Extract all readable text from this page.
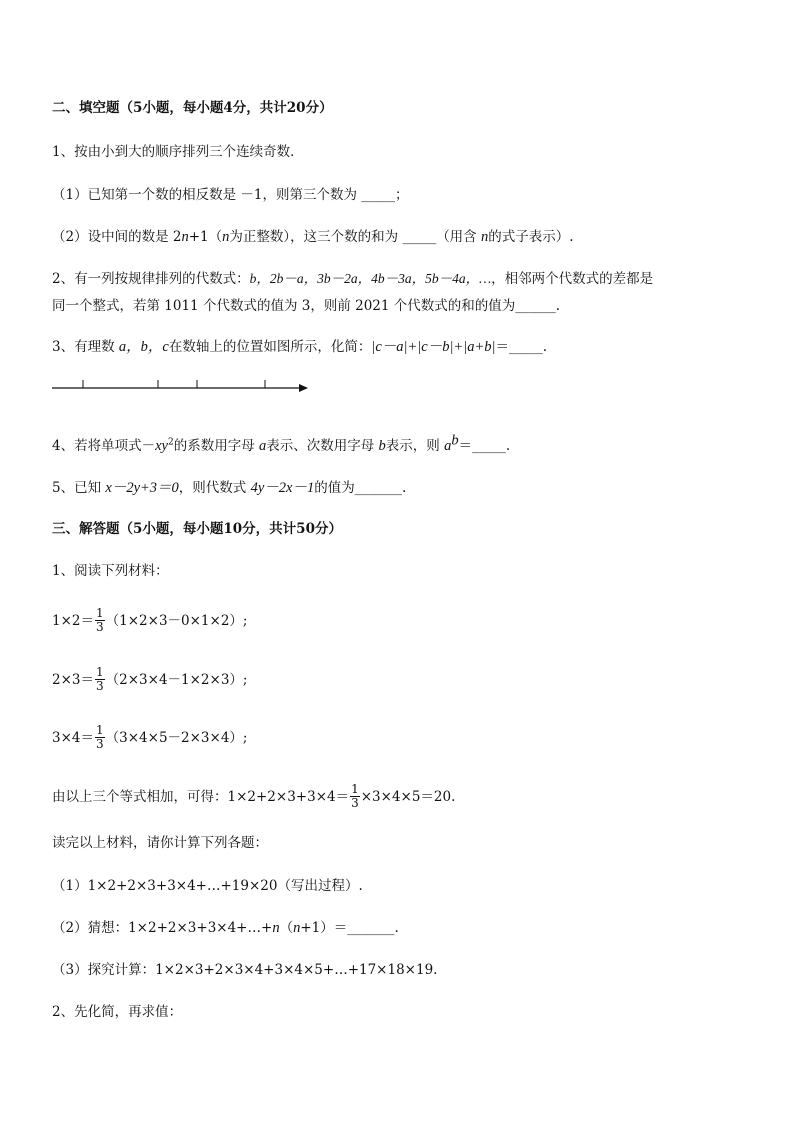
二、填空题（5小题，每小题4分，共计20分）
1、按由小到大的顺序排列三个连续奇数．
（1）已知第一个数的相反数是 －1，则第三个数为 _____；
（2）设中间的数是 2n+1（n为正整数），这三个数的和为 _____（用含 n的式子表示）.
2、有一列按规律排列的代数式：b，2b－a，3b－2a，4b－3a，5b－4a，…，相邻两个代数式的差都是
同一个整式，若第 1011 个代数式的值为 3，则前 2021 个代数式的和的值为______.
3、有理数 a，b，c在数轴上的位置如图所示，化简：|c－a|+|c－b|+|a+b|＝_____.
4、若将单项式$-xy^2$的系数用字母 a表示、次数用字母 b表示，则 $a^b=\_\_\_\_\_$.
5、已知 x－2y+3＝0，则代数式 4y－2x－1的值为_______.
三、解答题（5小题，每小题10分，共计50分）
1、阅读下列材料：
$1\times 2= \frac{1}{3} (1\times 2\times 3-0\times 1\times 2)$;
$2\times 3= \frac{1}{3} (2\times 3\times 4-1\times 2\times 3)$;
$3\times 4= \frac{1}{3} (3\times 4\times 5-2\times 3\times 4)$;
由以上三个等式相加，可得：$1\times 2+2\times 3+3\times 4= \frac{1}{3} \times 3\times 4\times 5=20$.
读完以上材料，请你计算下列各题：
（1）1×2+2×3+3×4+…+19×20（写出过程）.
（2）猜想：1×2+2×3+3×4+…+n（n+1）＝_______.
（3）探究计算：1×2×3+2×3×4+3×4×5+…+17×18×19.
2、先化简，再求值：
